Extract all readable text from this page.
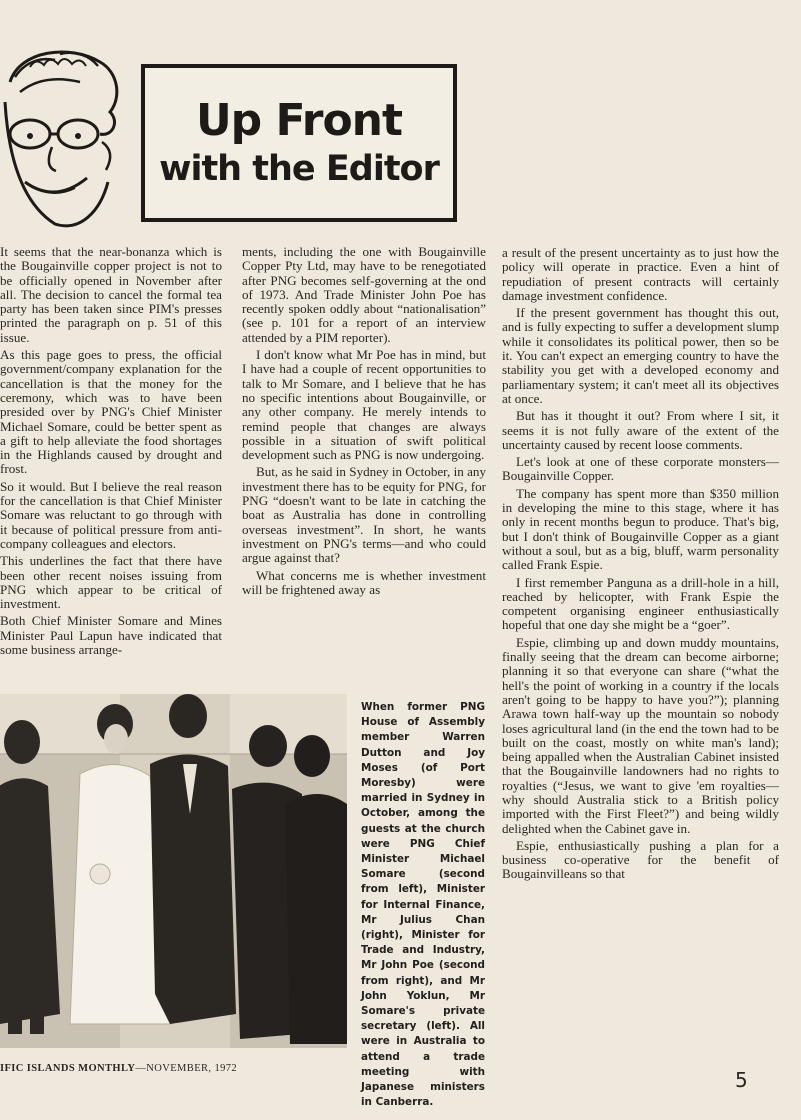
Up Front
with the Editor

It seems that the near-bonanza which is the Bougainville copper project is not to be officially opened in November after all. The decision to cancel the formal tea party has been taken since PIM's presses printed the paragraph on p. 51 of this issue.

As this page goes to press, the official government/company explanation for the cancellation is that the money for the ceremony, which was to have been presided over by PNG's Chief Minister Michael Somare, could be better spent as a gift to help alleviate the food shortages in the Highlands caused by drought and frost.

So it would. But I believe the real reason for the cancellation is that Chief Minister Somare was reluctant to go through with it because of political pressure from anti-company colleagues and electors.

This underlines the fact that there have been other recent noises issuing from PNG which appear to be critical of investment.

Both Chief Minister Somare and Mines Minister Paul Lapun have indicated that some business arrange-

ments, including the one with Bougainville Copper Pty Ltd, may have to be renegotiated after PNG becomes self-governing at the ond of 1973. And Trade Minister John Poe has recently spoken oddly about “nationalisation” (see p. 101 for a report of an interview attended by a PIM reporter).

I don't know what Mr Poe has in mind, but I have had a couple of recent opportunities to talk to Mr Somare, and I believe that he has no specific intentions about Bougainville, or any other company. He merely intends to remind people that changes are always possible in a situation of swift political development such as PNG is now undergoing.

But, as he said in Sydney in October, in any investment there has to be equity for PNG, for PNG “doesn't want to be late in catching the boat as Australia has done in controlling overseas investment”. In short, he wants investment on PNG's terms—and who could argue against that?

What concerns me is whether investment will be frightened away as

a result of the present uncertainty as to just how the policy will operate in practice. Even a hint of repudiation of present contracts will certainly damage investment confidence.

If the present government has thought this out, and is fully expecting to suffer a development slump while it consolidates its political power, then so be it. You can't expect an emerging country to have the stability you get with a developed economy and parliamentary system; it can't meet all its objectives at once.

But has it thought it out? From where I sit, it seems it is not fully aware of the extent of the uncertainty caused by recent loose comments.

Let's look at one of these corporate monsters—Bougainville Copper.

The company has spent more than $350 million in developing the mine to this stage, where it has only in recent months begun to produce. That's big, but I don't think of Bougainville Copper as a giant without a soul, but as a big, bluff, warm personality called Frank Espie.

I first remember Panguna as a drill-hole in a hill, reached by helicopter, with Frank Espie the competent organising engineer enthusiastically hopeful that one day she might be a “goer”.

Espie, climbing up and down muddy mountains, finally seeing that the dream can become airborne; planning it so that everyone can share (“what the hell's the point of working in a country if the locals aren't going to be happy to have you?”); planning Arawa town half-way up the mountain so nobody loses agricultural land (in the end the town had to be built on the coast, mostly on white man's land); being appalled when the Australian Cabinet insisted that the Bougainville landowners had no rights to royalties (“Jesus, we want to give 'em royalties—why should Australia stick to a British policy imported with the First Fleet?”) and being wildly delighted when the Cabinet gave in.

Espie, enthusiastically pushing a plan for a business co-operative for the benefit of Bougainvilleans so that

When former PNG House of Assembly member Warren Dutton and Joy Moses (of Port Moresby) were married in Sydney in October, among the guests at the church were PNG Chief Minister Michael Somare (second from left), Minister for Internal Finance, Mr Julius Chan (right), Minister for Trade and Industry, Mr John Poe (second from right), and Mr John Yoklun, Mr Somare's private secretary (left). All were in Australia to attend a trade meeting with Japanese ministers in Canberra.
IFIC ISLANDS MONTHLY—NOVEMBER, 1972	5
